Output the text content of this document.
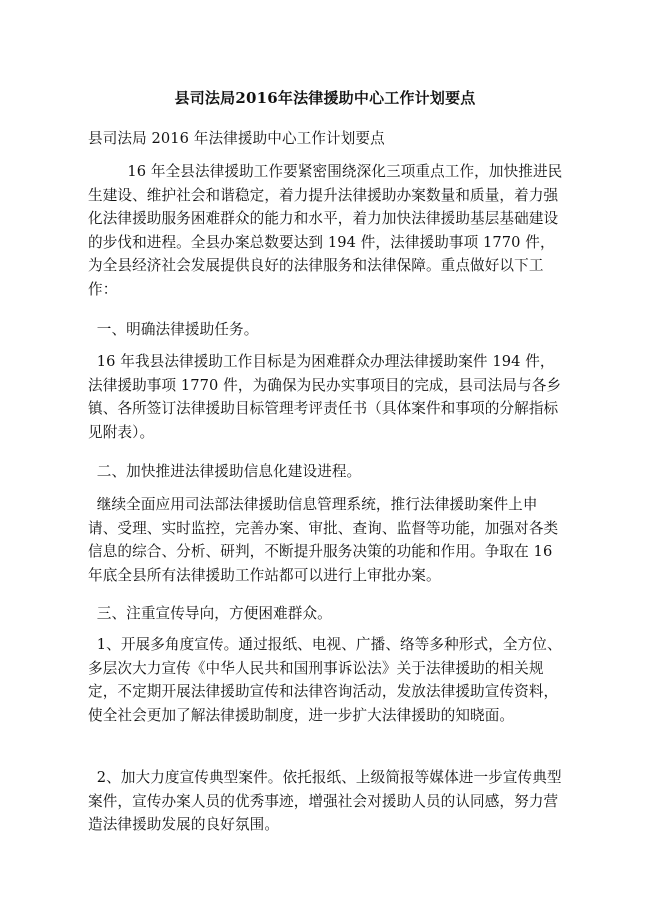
县司法局2016年法律援助中心工作计划要点
县司法局 2016 年法律援助中心工作计划要点
16 年全县法律援助工作要紧密围绕深化三项重点工作，加快推进民生建设、维护社会和谐稳定，着力提升法律援助办案数量和质量，着力强化法律援助服务困难群众的能力和水平，着力加快法律援助基层基础建设的步伐和进程。全县办案总数要达到 194 件，法律援助事项 1770 件，为全县经济社会发展提供良好的法律服务和法律保障。重点做好以下工作：
一、明确法律援助任务。
16 年我县法律援助工作目标是为困难群众办理法律援助案件 194 件，法律援助事项 1770 件，为确保为民办实事项目的完成，县司法局与各乡镇、各所签订法律援助目标管理考评责任书（具体案件和事项的分解指标见附表）。
二、加快推进法律援助信息化建设进程。
继续全面应用司法部法律援助信息管理系统，推行法律援助案件上申请、受理、实时监控，完善办案、审批、查询、监督等功能，加强对各类信息的综合、分析、研判，不断提升服务决策的功能和作用。争取在 16 年底全县所有法律援助工作站都可以进行上审批办案。
三、注重宣传导向，方便困难群众。
1、开展多角度宣传。通过报纸、电视、广播、络等多种形式，全方位、多层次大力宣传《中华人民共和国刑事诉讼法》关于法律援助的相关规定，不定期开展法律援助宣传和法律咨询活动，发放法律援助宣传资料，使全社会更加了解法律援助制度，进一步扩大法律援助的知晓面。
2、加大力度宣传典型案件。依托报纸、上级简报等媒体进一步宣传典型案件，宣传办案人员的优秀事迹，增强社会对援助人员的认同感，努力营造法律援助发展的良好氛围。
